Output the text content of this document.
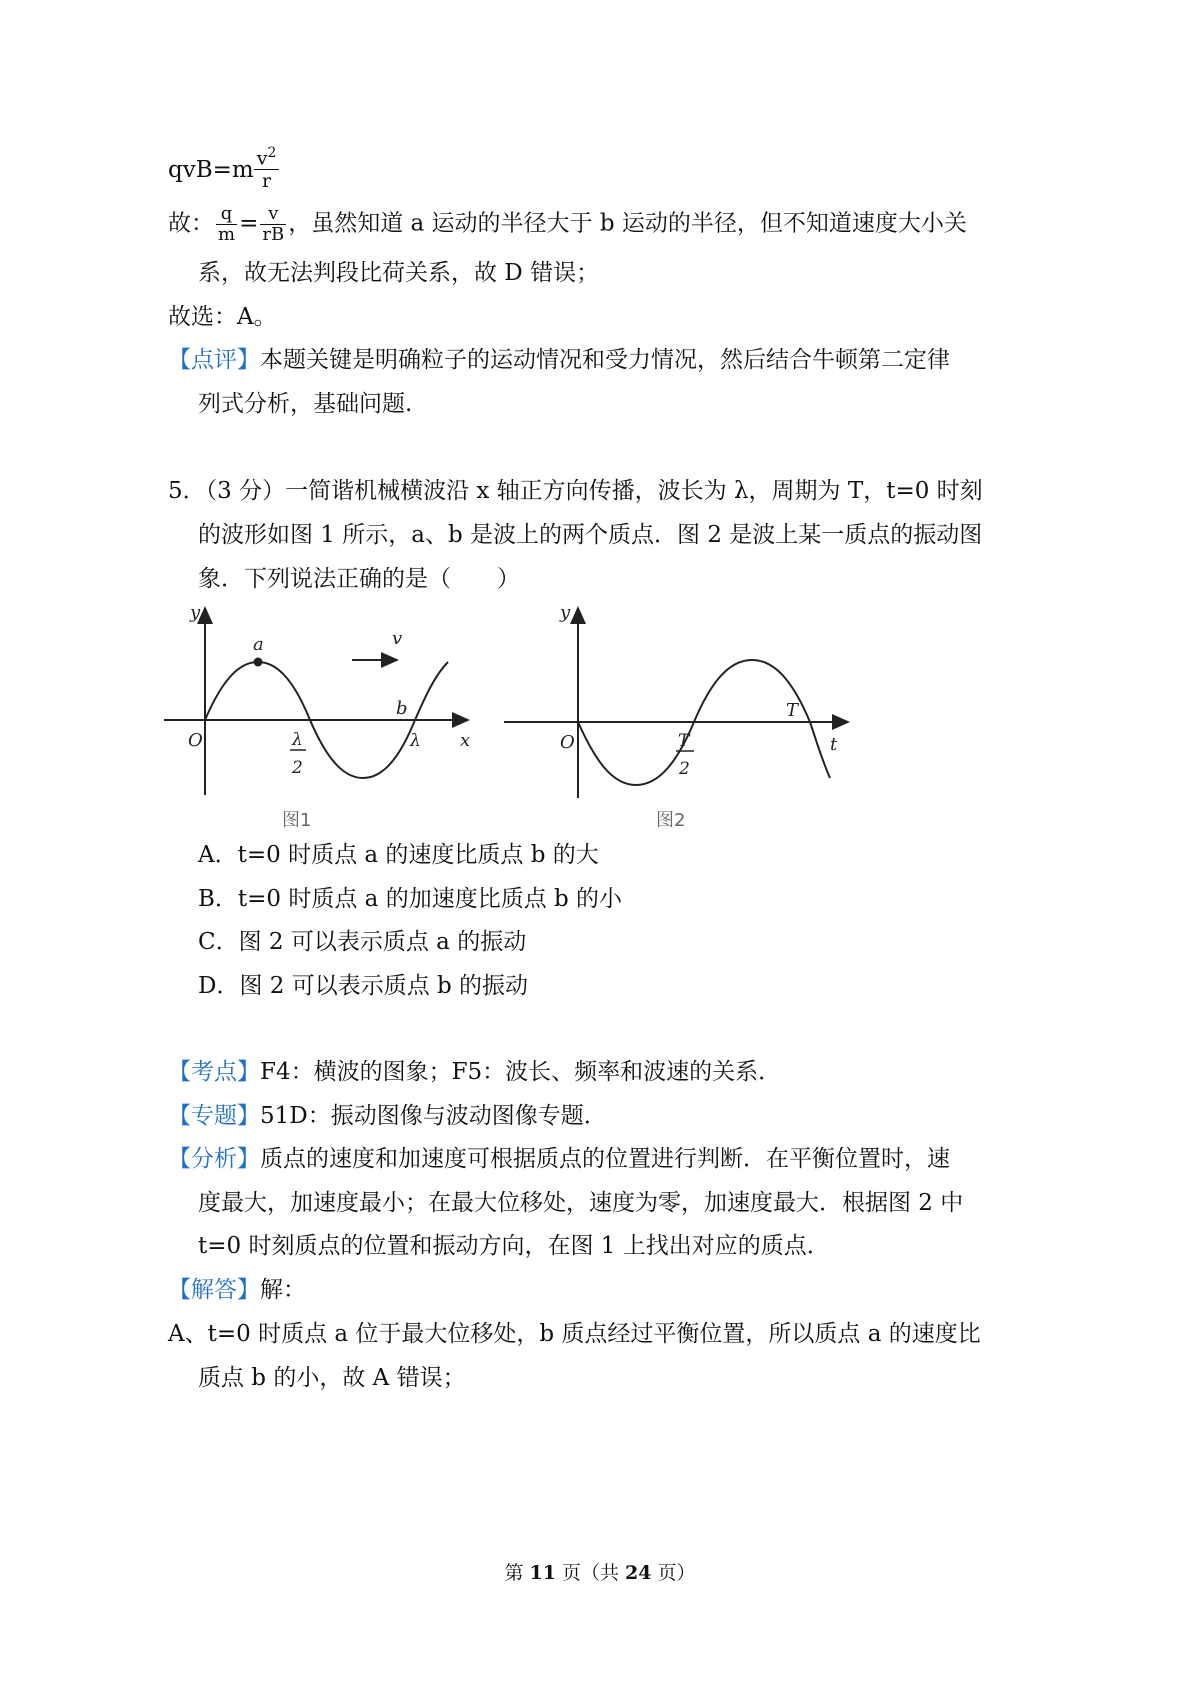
$qvB=m \frac{v^2}{r}$
故： $\frac{q}{m} = \frac{v}{rB}$ ，虽然知道 a 运动的半径大于 b 运动的半径，但不知道速度大小关
系，故无法判段比荷关系，故 D 错误；
故选：A。
【点评】本题关键是明确粒子的运动情况和受力情况，然后结合牛顿第二定律
列式分析，基础问题.
5．（3 分）一简谐机械横波沿 x 轴正方向传播，波长为 λ，周期为 T，t=0 时刻
的波形如图 1 所示，a、b 是波上的两个质点．图 2 是波上某一质点的振动图
象．下列说法正确的是（　　）
y
x
O
a
b
v
λ
2
λ
图1
y
t
O	T
2
T
图2
A．t=0 时质点 a 的速度比质点 b 的大
B．t=0 时质点 a 的加速度比质点 b 的小
C．图 2 可以表示质点 a 的振动
D．图 2 可以表示质点 b 的振动
【考点】F4：横波的图象；F5：波长、频率和波速的关系．
【专题】51D：振动图像与波动图像专题．
【分析】质点的速度和加速度可根据质点的位置进行判断．在平衡位置时，速
度最大，加速度最小；在最大位移处，速度为零，加速度最大．根据图 2 中
t=0 时刻质点的位置和振动方向，在图 1 上找出对应的质点．
【解答】解：
A、t=0 时质点 a 位于最大位移处，b 质点经过平衡位置，所以质点 a 的速度比
质点 b 的小，故 A 错误；
第 11 页（共 24 页）
